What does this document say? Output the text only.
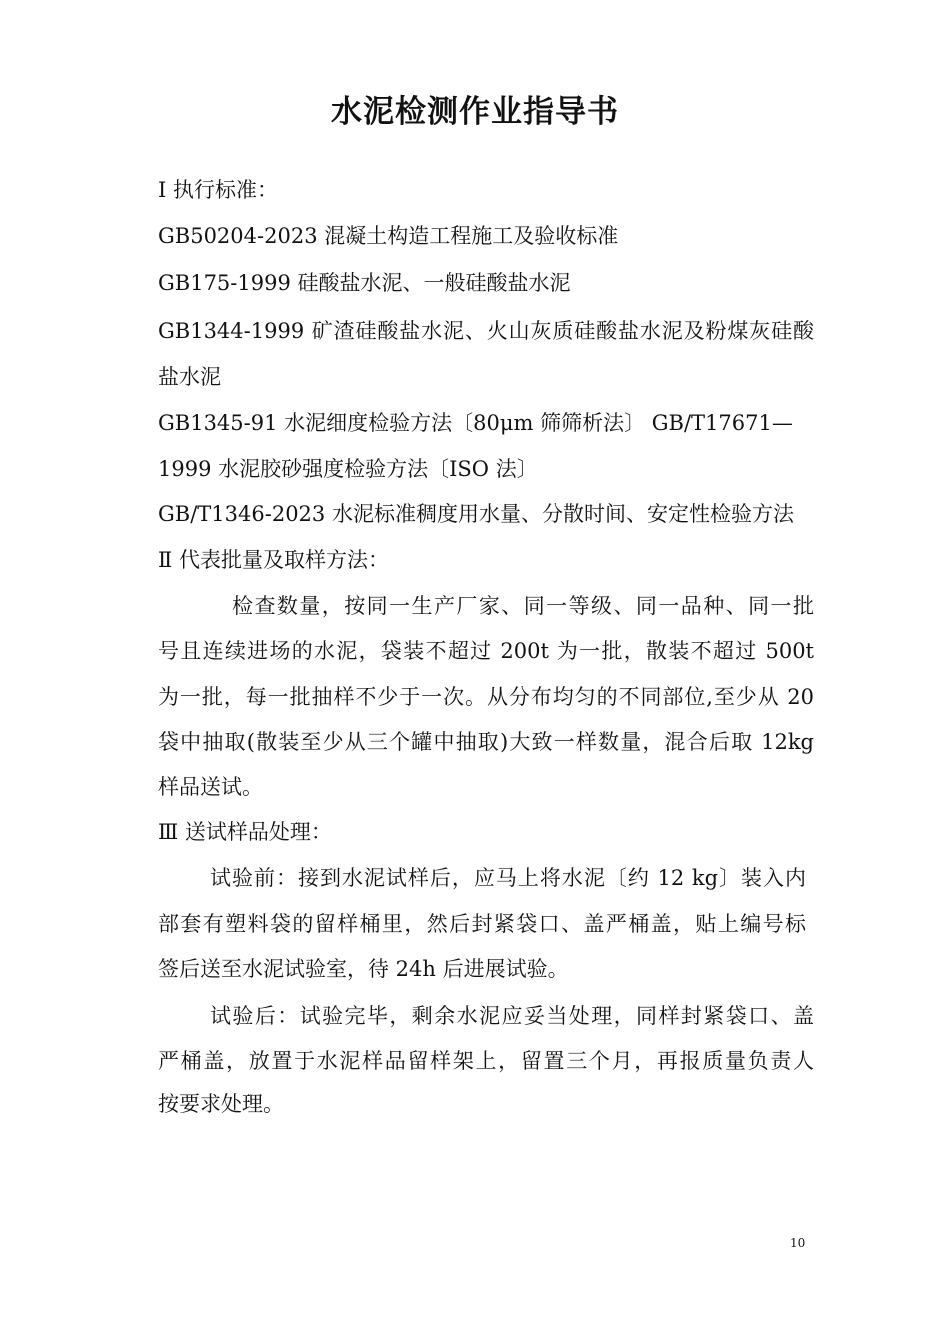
水泥检测作业指导书
Ⅰ 执行标准：
GB50204-2023 混凝土构造工程施工及验收标准
GB175-1999 硅酸盐水泥、一般硅酸盐水泥
GB1344-1999 矿渣硅酸盐水泥、火山灰质硅酸盐水泥及粉煤灰硅酸
盐水泥
GB1345-91 水泥细度检验方法〔80μm 筛筛析法〕 GB/T17671—
1999 水泥胶砂强度检验方法〔ISO 法〕
GB/T1346-2023 水泥标准稠度用水量、分散时间、安定性检验方法
Ⅱ 代表批量及取样方法：
检查数量，按同一生产厂家、同一等级、同一品种、同一批
号且连续进场的水泥，袋装不超过 200t 为一批，散装不超过 500t
为一批，每一批抽样不少于一次。从分布均匀的不同部位,至少从 20
袋中抽取(散装至少从三个罐中抽取)大致一样数量，混合后取 12kg
样品送试。
Ⅲ 送试样品处理：
试验前：接到水泥试样后，应马上将水泥〔约 12 kg〕装入内
部套有塑料袋的留样桶里，然后封紧袋口、盖严桶盖，贴上编号标
签后送至水泥试验室，待 24h 后进展试验。
试验后：试验完毕，剩余水泥应妥当处理，同样封紧袋口、盖
严桶盖，放置于水泥样品留样架上，留置三个月，再报质量负责人
按要求处理。
10
